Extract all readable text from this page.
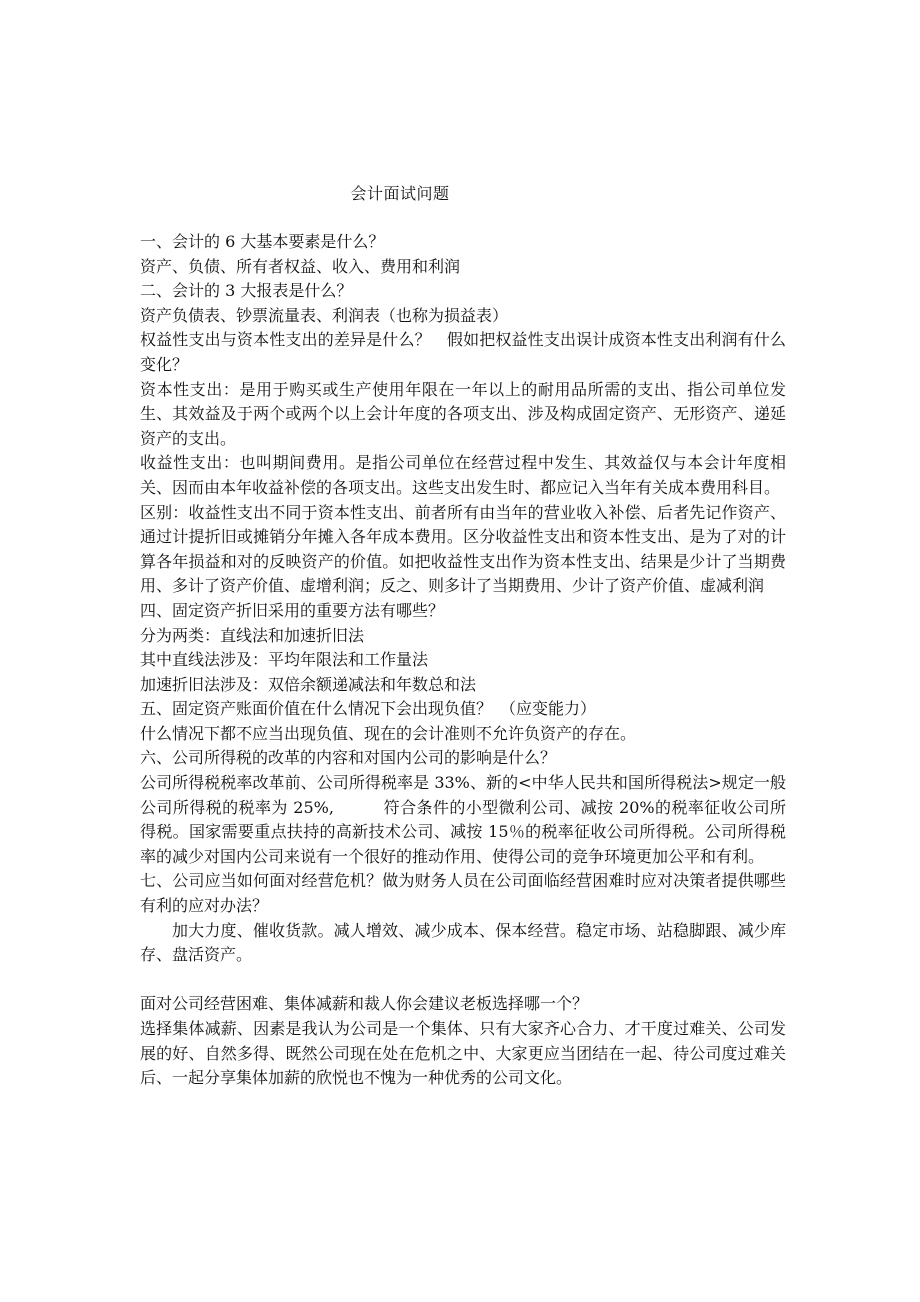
会计面试问题

一、会计的 6 大基本要素是什么？

资产、负债、所有者权益、收入、费用和利润

二、会计的 3 大报表是什么？

资产负债表、钞票流量表、利润表（也称为损益表）

权益性支出与资本性支出的差异是什么？　假如把权益性支出误计成资本性支出利润有什么变化？

资本性支出：是用于购买或生产使用年限在一年以上的耐用品所需的支出、指公司单位发生、其效益及于两个或两个以上会计年度的各项支出、涉及构成固定资产、无形资产、递延资产的支出。

收益性支出：也叫期间费用。是指公司单位在经营过程中发生、其效益仅与本会计年度相关、因而由本年收益补偿的各项支出。这些支出发生时、都应记入当年有关成本费用科目。

区别：收益性支出不同于资本性支出、前者所有由当年的营业收入补偿、后者先记作资产、通过计提折旧或摊销分年摊入各年成本费用。区分收益性支出和资本性支出、是为了对的计算各年损益和对的反映资产的价值。如把收益性支出作为资本性支出、结果是少计了当期费用、多计了资产价值、虚增利润；反之、则多计了当期费用、少计了资产价值、虚减利润

四、固定资产折旧采用的重要方法有哪些？

分为两类：直线法和加速折旧法

其中直线法涉及：平均年限法和工作量法

加速折旧法涉及：双倍余额递减法和年数总和法

五、固定资产账面价值在什么情况下会出现负值？　（应变能力）

什么情况下都不应当出现负值、现在的会计准则不允许负资产的存在。

六、公司所得税的改革的内容和对国内公司的影响是什么？

公司所得税税率改革前、公司所得税率是 33%、新的<中华人民共和国所得税法>规定一般公司所得税的税率为 25%,　　　符合条件的小型微利公司、减按 20%的税率征收公司所得税。国家需要重点扶持的高新技术公司、减按 15％的税率征收公司所得税。公司所得税率的减少对国内公司来说有一个很好的推动作用、使得公司的竞争环境更加公平和有利。

七、公司应当如何面对经营危机？做为财务人员在公司面临经营困难时应对决策者提供哪些有利的应对办法？

加大力度、催收货款。减人增效、减少成本、保本经营。稳定市场、站稳脚跟、减少库存、盘活资产。

面对公司经营困难、集体减薪和裁人你会建议老板选择哪一个？

选择集体减薪、因素是我认为公司是一个集体、只有大家齐心合力、才干度过难关、公司发展的好、自然多得、既然公司现在处在危机之中、大家更应当团结在一起、待公司度过难关后、一起分享集体加薪的欣悦也不愧为一种优秀的公司文化。
